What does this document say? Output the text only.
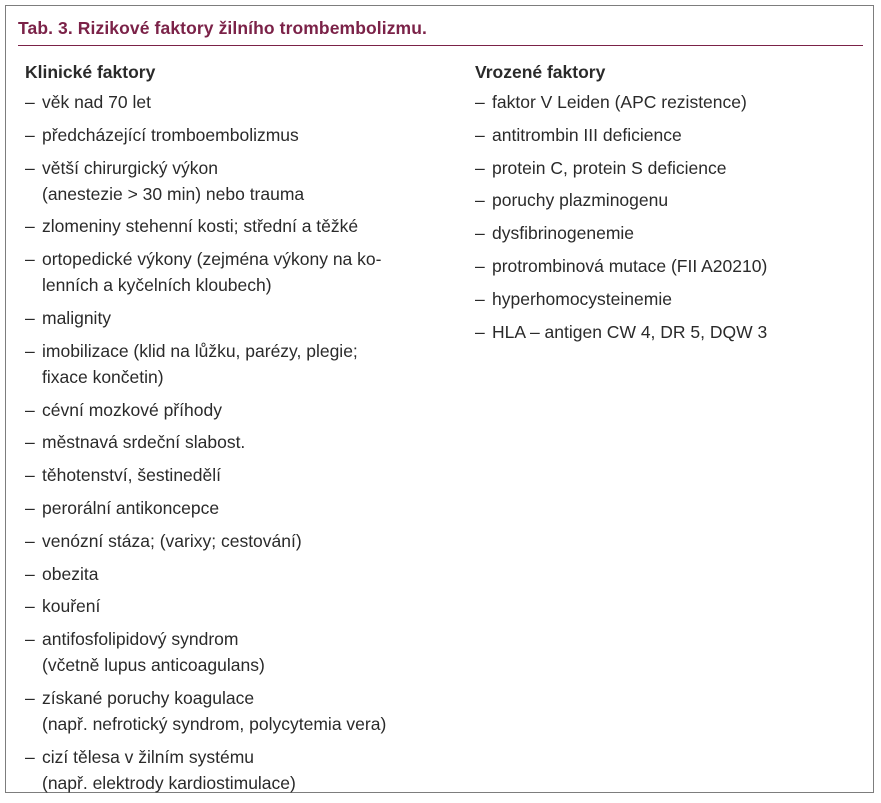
Tab. 3. Rizikové faktory žilního trombembolizmu.
Klinické faktory
– věk nad 70 let
– předcházející tromboembolizmus
– větší chirurgický výkon
(anestezie > 30 min) nebo trauma
– zlomeniny stehenní kosti; střední a těžké
– ortopedické výkony (zejména výkony na ko-
lenních a kyčelních kloubech)
– malignity
– imobilizace (klid na lůžku, parézy, plegie;
fixace končetin)
– cévní mozkové příhody
– městnavá srdeční slabost.
– těhotenství, šestinedělí
– perorální antikoncepce
– venózní stáza; (varixy; cestování)
– obezita
– kouření
– antifosfolipidový syndrom
(včetně lupus anticoagulans)
– získané poruchy koagulace
(např. nefrotický syndrom, polycytemia vera)
– cizí tělesa v žilním systému
(např. elektrody kardiostimulace)
Vrozené faktory
– faktor V Leiden (APC rezistence)
– antitrombin III deficience
– protein C, protein S deficience
– poruchy plazminogenu
– dysfibrinogenemie
– protrombinová mutace (FII A20210)
– hyperhomocysteinemie
– HLA – antigen CW 4, DR 5, DQW 3
